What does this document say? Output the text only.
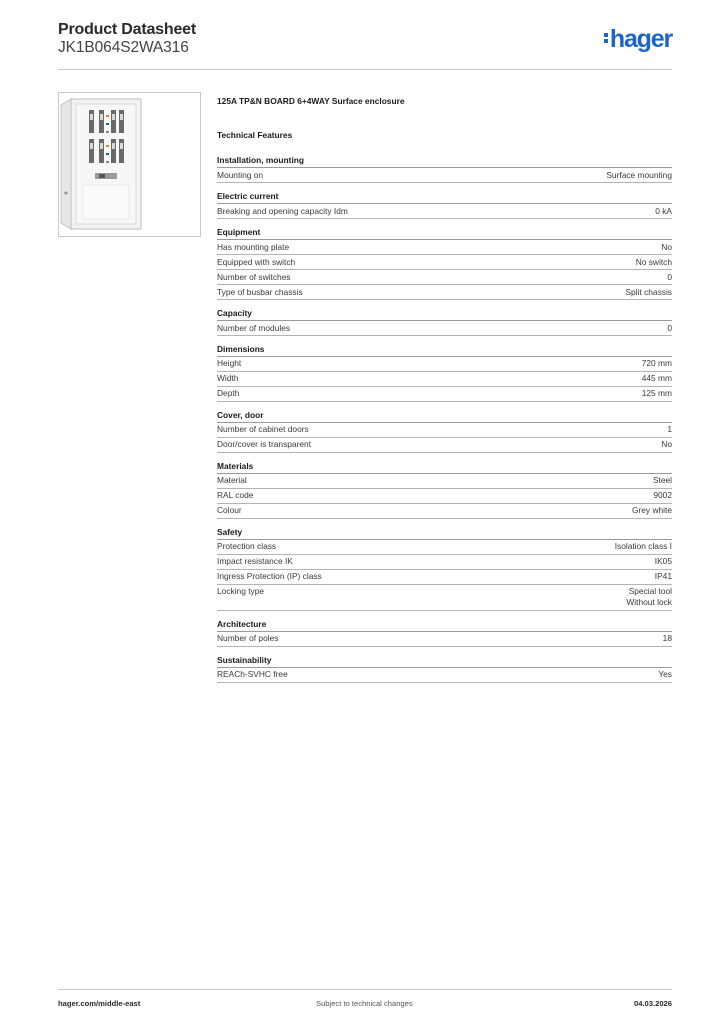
Product Datasheet
JK1B064S2WA316	hager
125A TP&N BOARD 6+4WAY Surface enclosure
Technical Features
Installation, mounting
Mounting on	Surface mounting
Electric current
Breaking and opening capacity Idm	0 kA
Equipment
Has mounting plate	No
Equipped with switch	No switch
Number of switches	0
Type of busbar chassis	Split chassis
Capacity
Number of modules	0
Dimensions
Height	720 mm
Width	445 mm
Depth	125 mm
Cover, door
Number of cabinet doors	1
Door/cover is transparent	No
Materials
Material	Steel
RAL code	9002
Colour	Grey white
Safety
Protection class	Isolation class I
Impact resistance IK	IK05
Ingress Protection (IP) class	IP41
Locking type	Special tool
Without lock
Architecture
Number of poles	18
Sustainability
REACh-SVHC free	Yes
hager.com/middle-east	Subject to technical changes	04.03.2026
